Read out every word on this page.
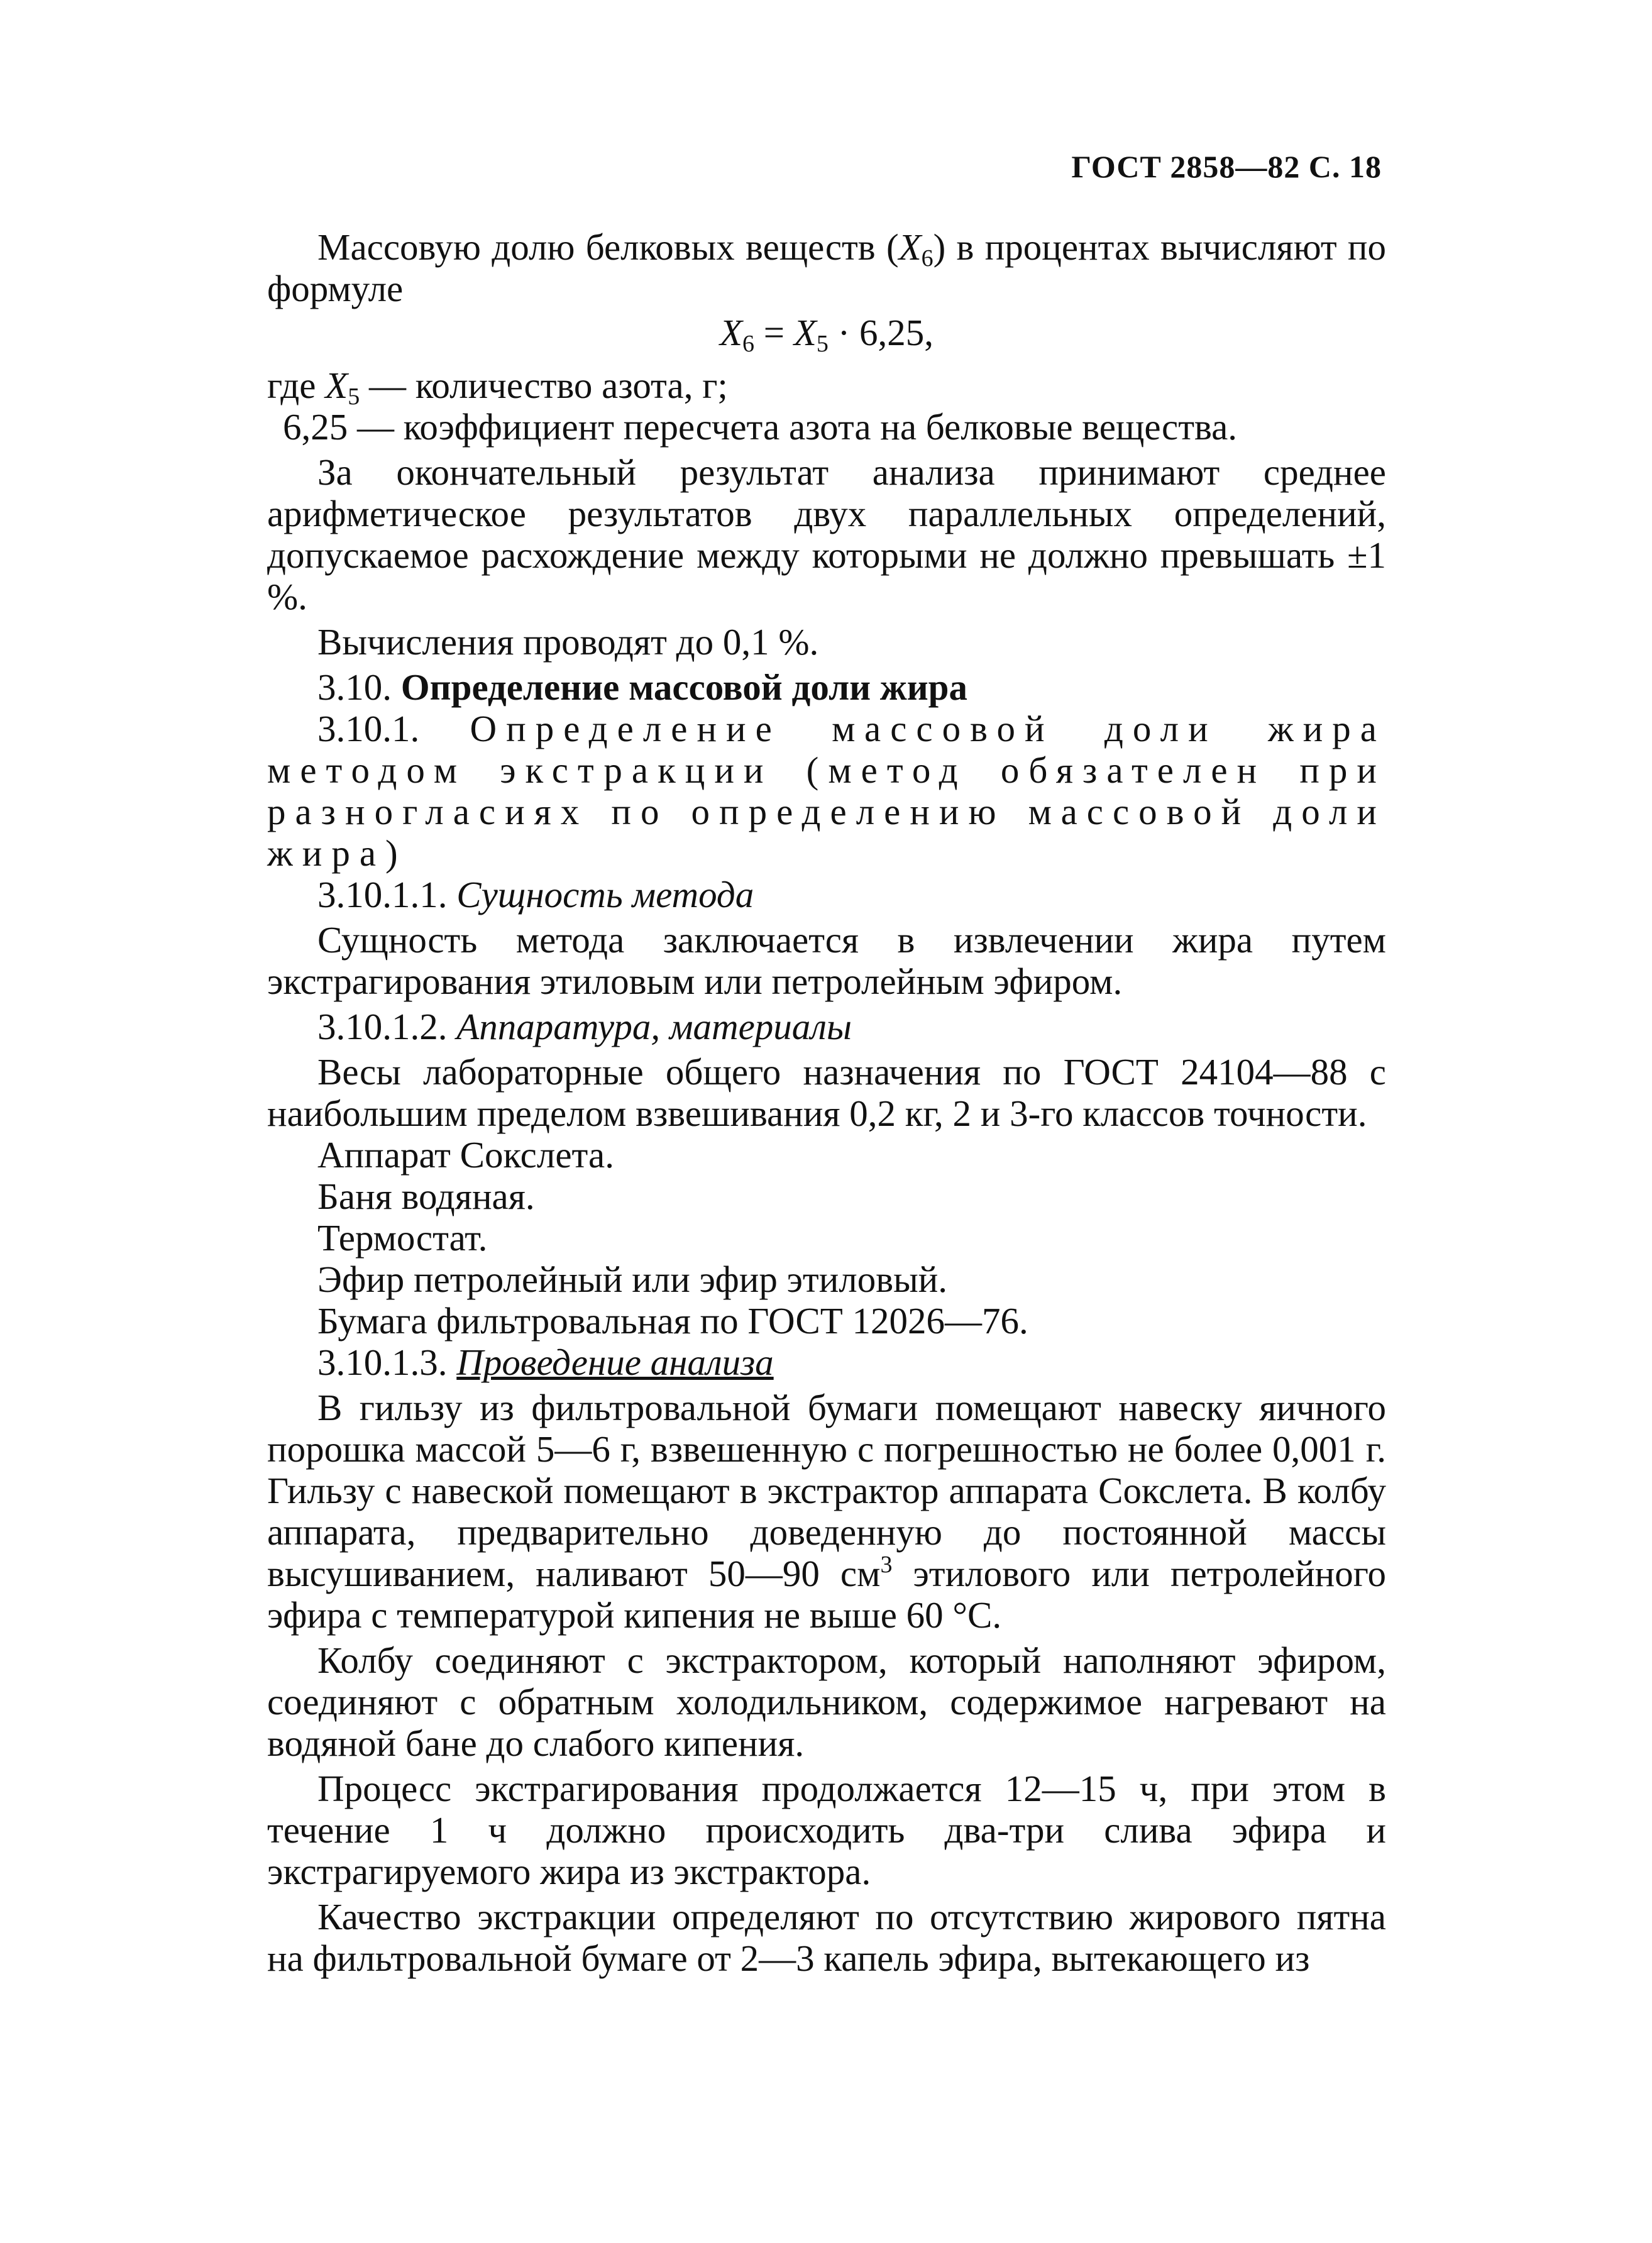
ГОСТ 2858—82 С. 18

Массовую долю белковых веществ $(X_6)$ в процентах вычисляют по формуле

$X_6 = X_5 \cdot 6,25$,

где $X_5$ — количество азота, г;

6,25 — коэффициент пересчета азота на белковые вещества.

За окончательный результат анализа принимают среднее арифметическое результатов двух параллельных определений, допускаемое расхождение между которыми не должно превышать ±1 %.

Вычисления проводят до 0,1 %.

3.10. Определение массовой доли жира

3.10.1. Определение массовой доли жира методом экстракции (метод обязателен при разногласиях по определению массовой доли жира)

3.10.1.1. Сущность метода

Сущность метода заключается в извлечении жира путем экстрагирования этиловым или петролейным эфиром.

3.10.1.2. Аппаратура, материалы

Весы лабораторные общего назначения по ГОСТ 24104—88 с наибольшим пределом взвешивания 0,2 кг, 2 и 3-го классов точности.

Аппарат Сокслета.

Баня водяная.

Термостат.

Эфир петролейный или эфир этиловый.

Бумага фильтровальная по ГОСТ 12026—76.

3.10.1.3. Проведение анализа

В гильзу из фильтровальной бумаги помещают навеску яичного порошка массой 5—6 г, взвешенную с погрешностью не более 0,001 г. Гильзу с навеской помещают в экстрактор аппарата Сокслета. В колбу аппарата, предварительно доведенную до постоянной массы высушиванием, наливают 50—90 $см^3$ этилового или петролейного эфира с температурой кипения не выше 60 °С.

Колбу соединяют с экстрактором, который наполняют эфиром, соединяют с обратным холодильником, содержимое нагревают на водяной бане до слабого кипения.

Процесс экстрагирования продолжается 12—15 ч, при этом в течение 1 ч должно происходить два-три слива эфира и экстрагируемого жира из экстрактора.

Качество экстракции определяют по отсутствию жирового пятна на фильтровальной бумаге от 2—3 капель эфира, вытекающего из
